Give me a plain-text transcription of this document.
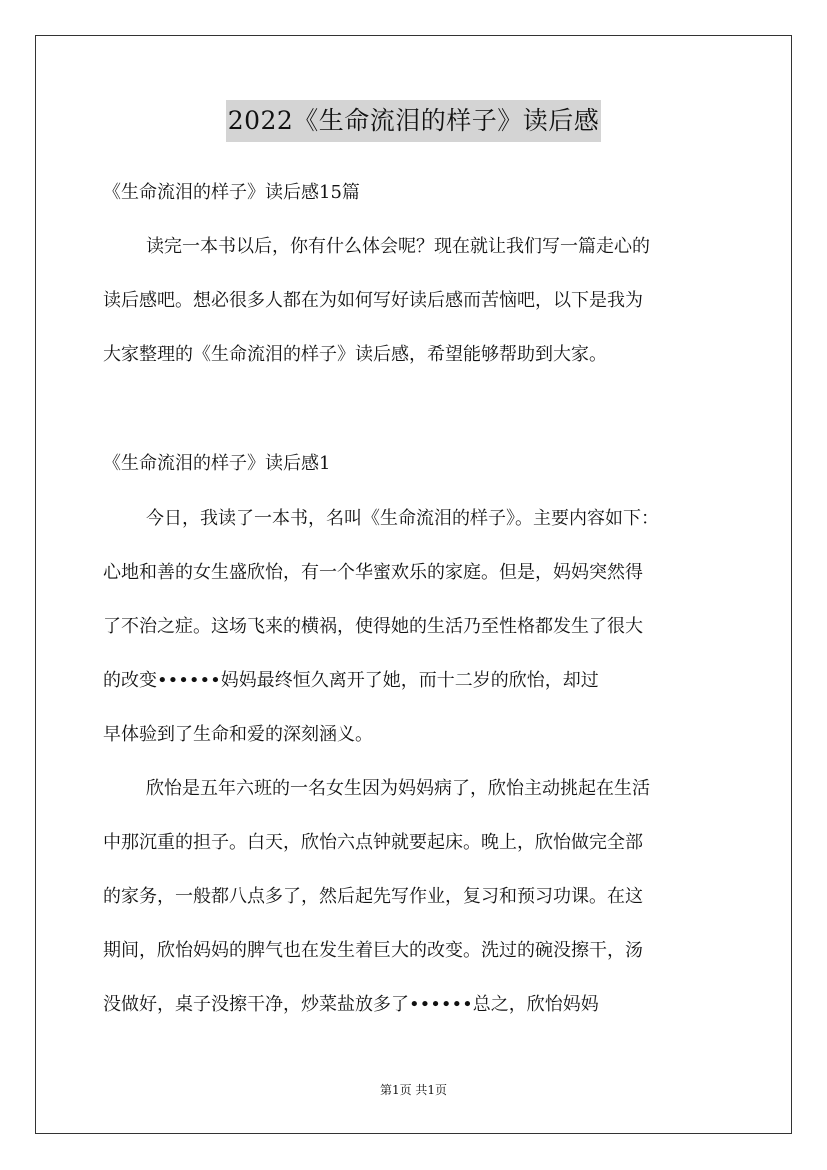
2022《生命流泪的样子》读后感
《生命流泪的样子》读后感15篇
读完一本书以后，你有什么体会呢？现在就让我们写一篇走心的
读后感吧。想必很多人都在为如何写好读后感而苦恼吧，以下是我为
大家整理的《生命流泪的样子》读后感，希望能够帮助到大家。
《生命流泪的样子》读后感1
今日，我读了一本书，名叫《生命流泪的样子》。主要内容如下：
心地和善的女生盛欣怡，有一个华蜜欢乐的家庭。但是，妈妈突然得
了不治之症。这场飞来的横祸，使得她的生活乃至性格都发生了很大
的改变••••••妈妈最终恒久离开了她，而十二岁的欣怡，却过
早体验到了生命和爱的深刻涵义。
欣怡是五年六班的一名女生因为妈妈病了，欣怡主动挑起在生活
中那沉重的担子。白天，欣怡六点钟就要起床。晚上，欣怡做完全部
的家务，一般都八点多了，然后起先写作业，复习和预习功课。在这
期间，欣怡妈妈的脾气也在发生着巨大的改变。洗过的碗没擦干，汤
没做好，桌子没擦干净，炒菜盐放多了••••••总之，欣怡妈妈
第1页 共1页
